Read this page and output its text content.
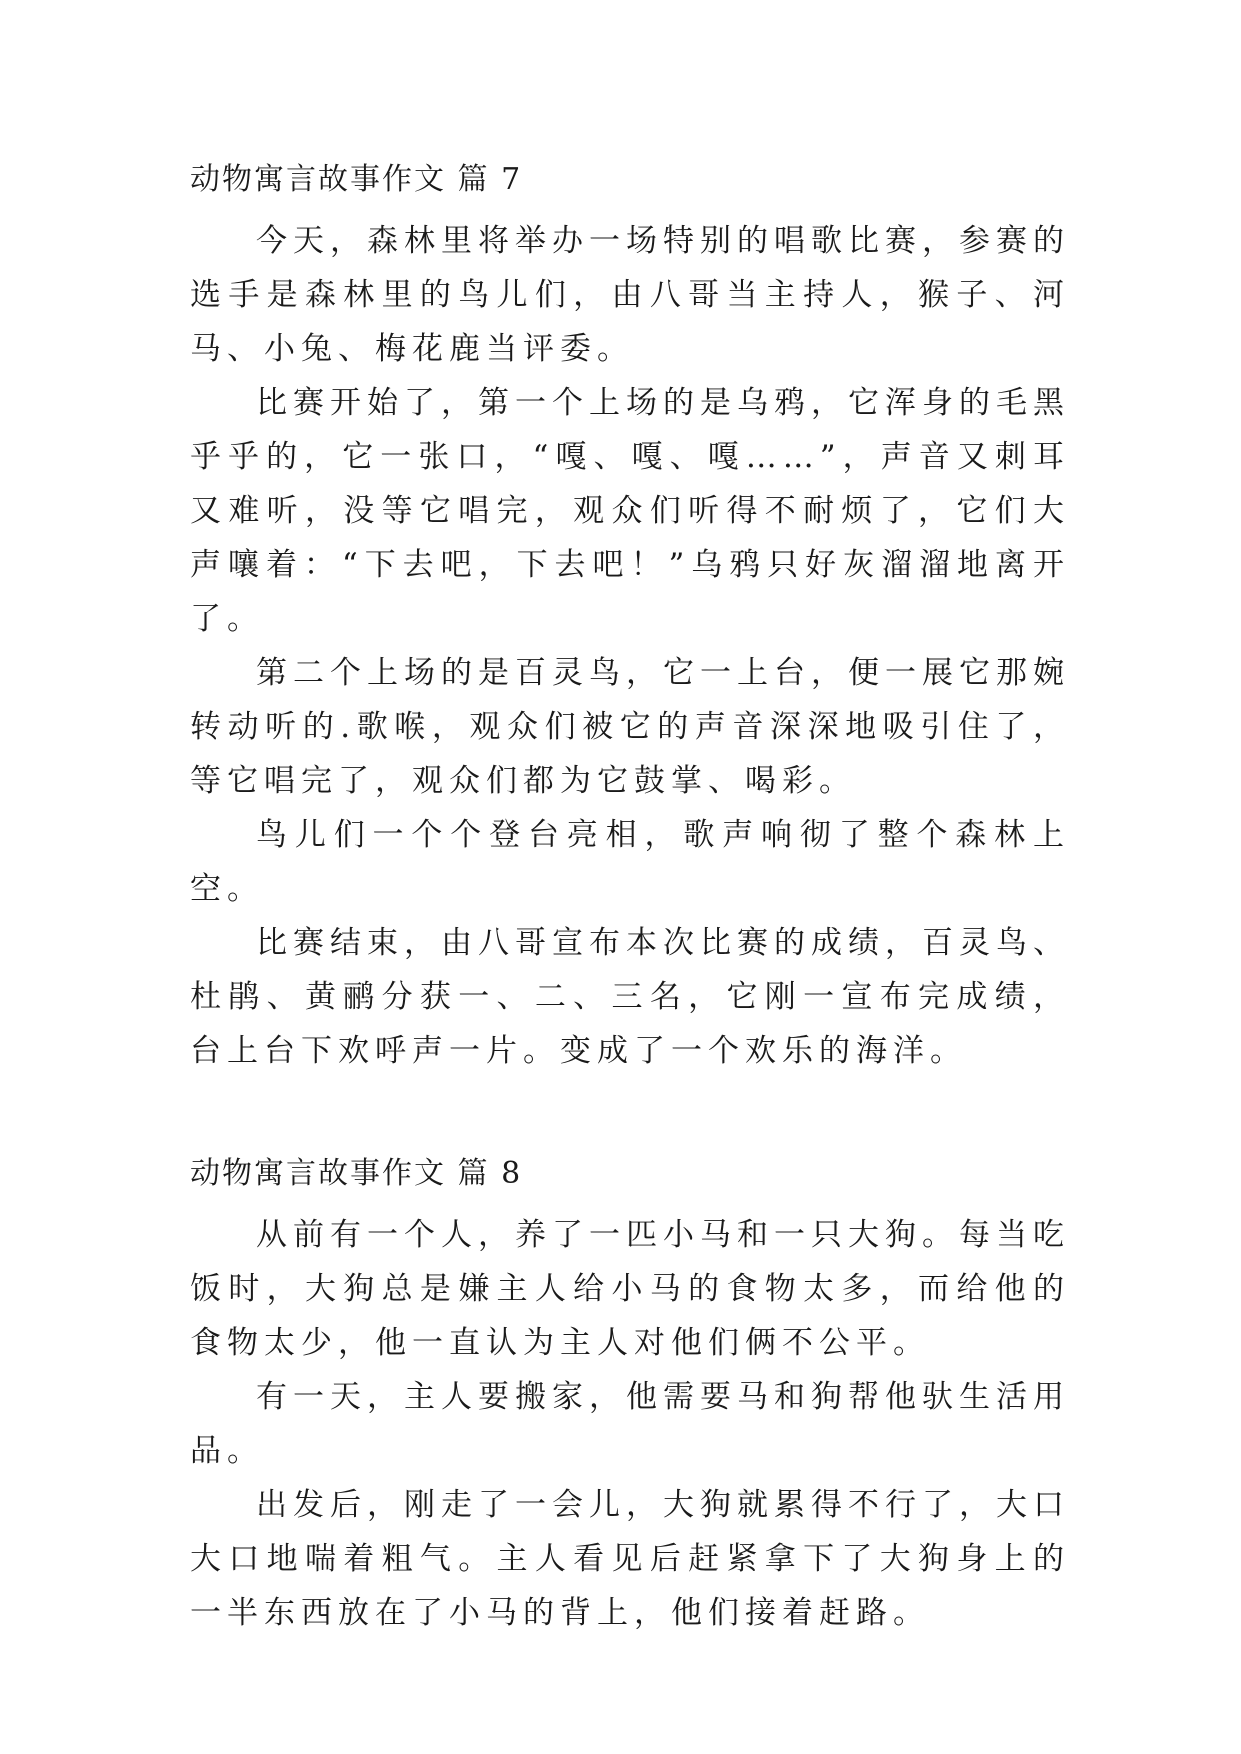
动物寓言故事作文 篇 7

今天，森林里将举办一场特别的唱歌比赛，参赛的选手是森林里的鸟儿们，由八哥当主持人，猴子、河马、小兔、梅花鹿当评委。

比赛开始了，第一个上场的是乌鸦，它浑身的毛黑乎乎的，它一张口，“嘎、嘎、嘎……”，声音又刺耳又难听，没等它唱完，观众们听得不耐烦了，它们大声嚷着：“下去吧，下去吧！”乌鸦只好灰溜溜地离开了。

第二个上场的是百灵鸟，它一上台，便一展它那婉转动听的.歌喉，观众们被它的声音深深地吸引住了，等它唱完了，观众们都为它鼓掌、喝彩。

鸟儿们一个个登台亮相，歌声响彻了整个森林上空。

比赛结束，由八哥宣布本次比赛的成绩，百灵鸟、杜鹃、黄鹂分获一、二、三名，它刚一宣布完成绩，台上台下欢呼声一片。变成了一个欢乐的海洋。

动物寓言故事作文 篇 8

从前有一个人，养了一匹小马和一只大狗。每当吃饭时，大狗总是嫌主人给小马的食物太多，而给他的食物太少，他一直认为主人对他们俩不公平。

有一天，主人要搬家，他需要马和狗帮他驮生活用品。

出发后，刚走了一会儿，大狗就累得不行了，大口大口地喘着粗气。主人看见后赶紧拿下了大狗身上的一半东西放在了小马的背上，他们接着赶路。
